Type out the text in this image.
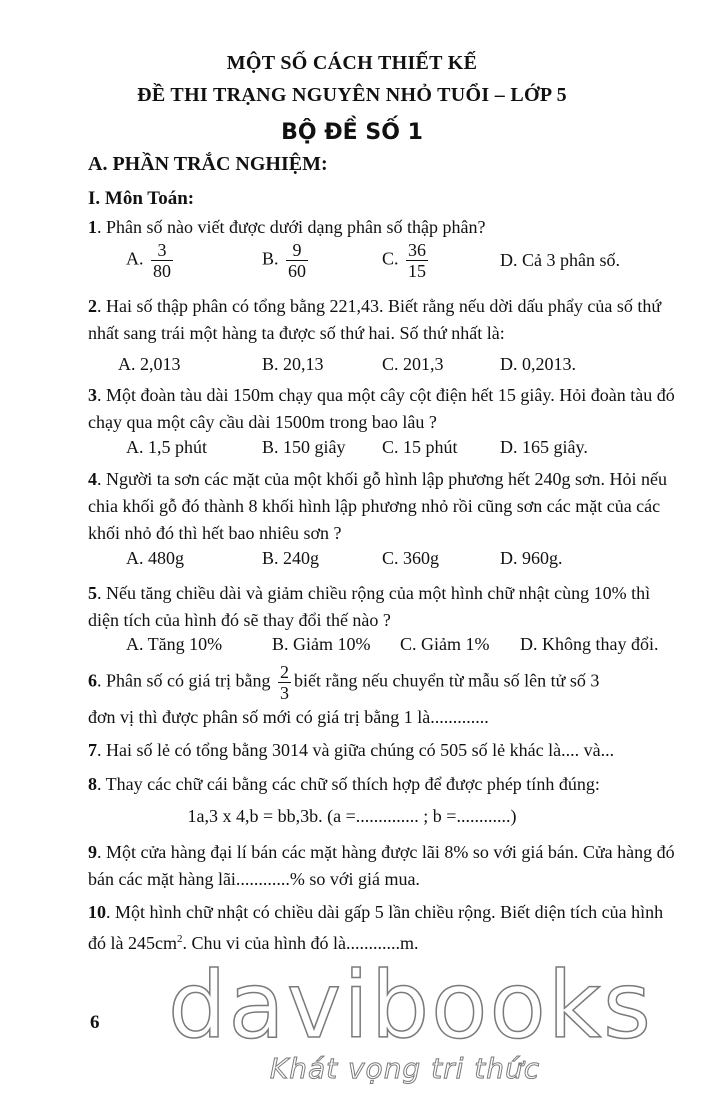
MỘT SỐ CÁCH THIẾT KẾ
ĐỀ THI TRẠNG NGUYÊN NHỎ TUỔI – LỚP 5
BỘ ĐỀ SỐ 1
A. PHẦN TRẮC NGHIỆM:
I. Môn Toán:
1. Phân số nào viết được dưới dạng phân số thập phân?
A. $\frac{3}{80}$	B. $\frac{9}{60}$	C. $\frac{36}{15}$	D. Cả 3 phân số.
2. Hai số thập phân có tổng bằng 221,43. Biết rằng nếu dời dấu phẩy của số thứ nhất sang trái một hàng ta được số thứ hai. Số thứ nhất là:
A. 2,013	B. 20,13	C. 201,3	D. 0,2013.
3. Một đoàn tàu dài 150m chạy qua một cây cột điện hết 15 giây. Hỏi đoàn tàu đó chạy qua một cây cầu dài 1500m trong bao lâu ?
A. 1,5 phút	B. 150 giây C. 15 phút D. 165 giây.
4. Người ta sơn các mặt của một khối gỗ hình lập phương hết 240g sơn. Hỏi nếu chia khối gỗ đó thành 8 khối hình lập phương nhỏ rồi cũng sơn các mặt của các khối nhỏ đó thì hết bao nhiêu sơn ?
A. 480g	B. 240g	C. 360g	D. 960g.
5. Nếu tăng chiều dài và giảm chiều rộng của một hình chữ nhật cùng 10% thì diện tích của hình đó sẽ thay đổi thế nào ?
A. Tăng 10%	B. Giảm 10% C. Giảm 1% D. Không thay đổi.
6. Phân số có giá trị bằng $\frac{2}{3}$ biết rằng nếu chuyển từ mẫu số lên tử số 3
đơn vị thì được phân số mới có giá trị bằng 1 là.............
7. Hai số lẻ có tổng bằng 3014 và giữa chúng có 505 số lẻ khác là.... và...
8. Thay các chữ cái bằng các chữ số thích hợp để được phép tính đúng:
1a,3 x 4,b = bb,3b. (a =.............. ; b =............)
9. Một cửa hàng đại lí bán các mặt hàng được lãi 8% so với giá bán. Cửa hàng đó bán các mặt hàng lãi............% so với giá mua.
10. Một hình chữ nhật có chiều dài gấp 5 lần chiều rộng. Biết diện tích của hình đó là $245cm^2$. Chu vi của hình đó là............m.
6 davibooks
Khát vọng tri thức
